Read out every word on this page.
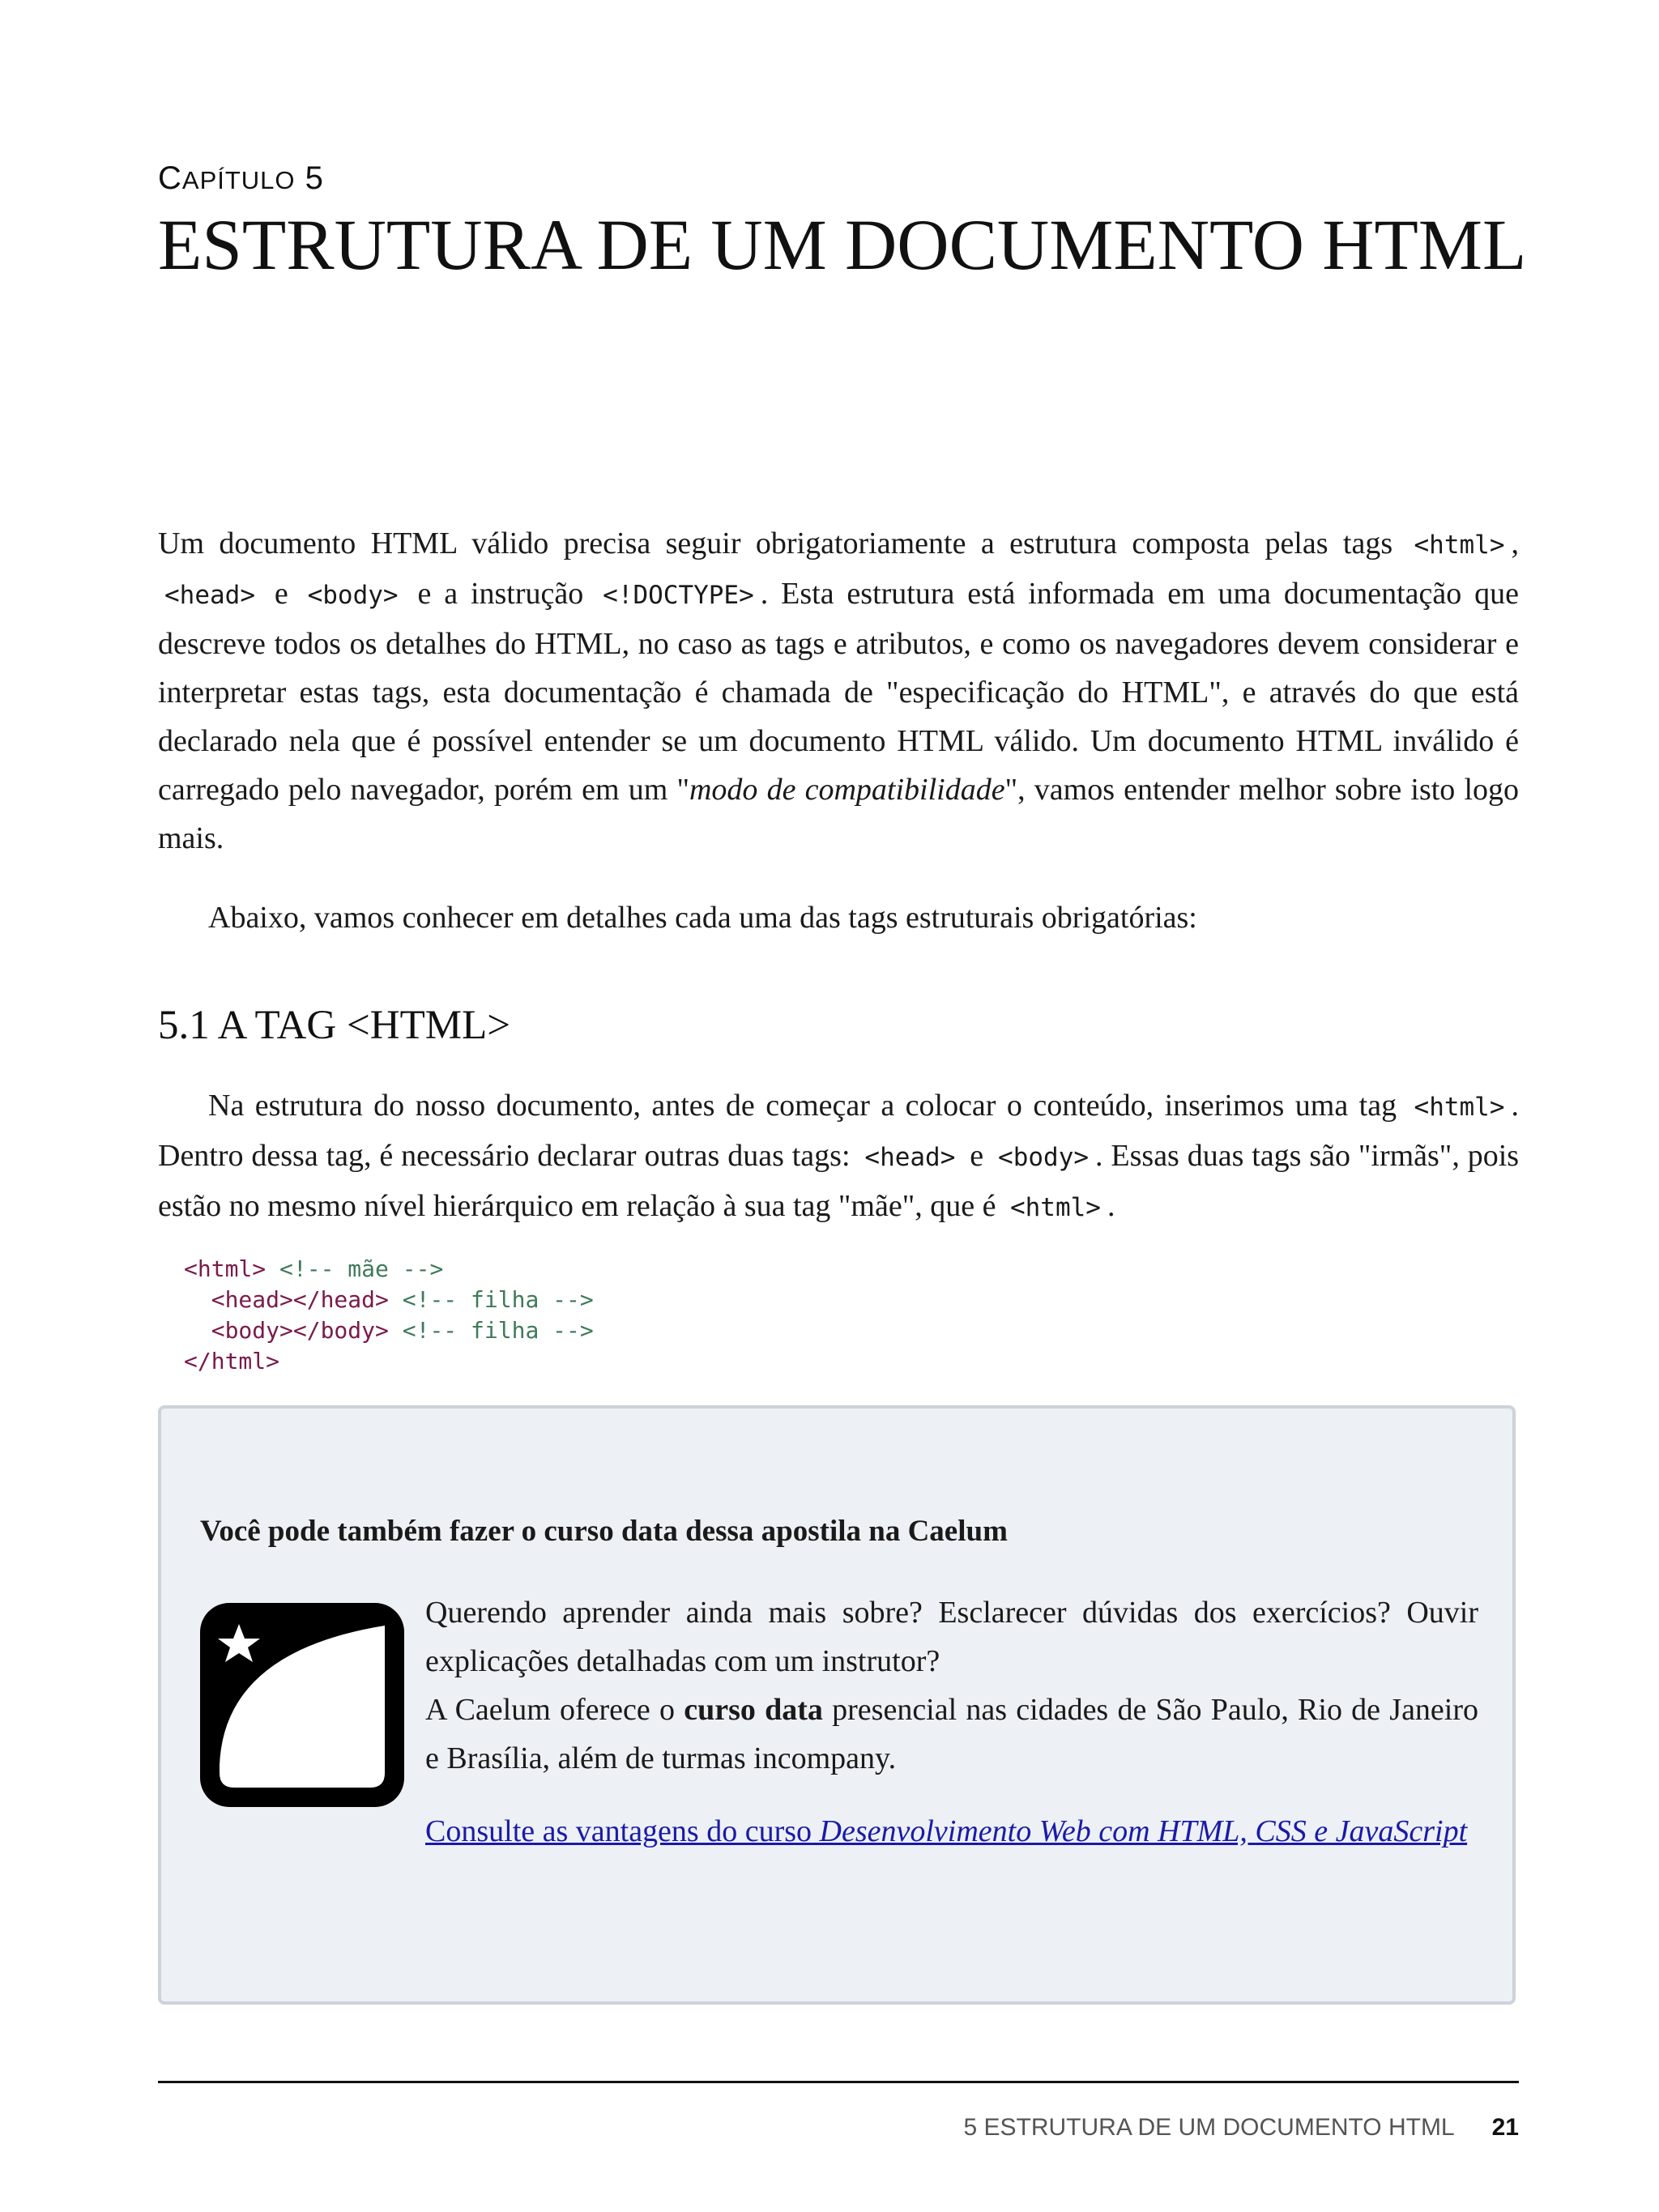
CAPÍTULO 5
ESTRUTURA DE UM DOCUMENTO HTML

Um documento HTML válido precisa seguir obrigatoriamente a estrutura composta pelas tags <html> , <head> e <body> e a instrução <!DOCTYPE> . Esta estrutura está informada em uma documentação que descreve todos os detalhes do HTML, no caso as tags e atributos, e como os navegadores devem considerar e interpretar estas tags, esta documentação é chamada de "especificação do HTML", e através do que está declarado nela que é possível entender se um documento HTML válido. Um documento HTML inválido é carregado pelo navegador, porém em um "modo de compatibilidade", vamos entender melhor sobre isto logo mais.

Abaixo, vamos conhecer em detalhes cada uma das tags estruturais obrigatórias:

5.1 A TAG <HTML>

Na estrutura do nosso documento, antes de começar a colocar o conteúdo, inserimos uma tag <html> . Dentro dessa tag, é necessário declarar outras duas tags: <head> e <body> . Essas duas tags são "irmãs", pois estão no mesmo nível hierárquico em relação à sua tag "mãe", que é <html> .

<html> <!-- mãe -->
<head></head> <!-- filha -->
<body></body> <!-- filha -->
</html>

Você pode também fazer o curso data dessa apostila na Caelum

Querendo aprender ainda mais sobre? Esclarecer dúvidas dos exercícios? Ouvir explicações detalhadas com um instrutor?
A Caelum oferece o curso data presencial nas cidades de São Paulo, Rio de Janeiro e Brasília, além de turmas incompany.

Consulte as vantagens do curso Desenvolvimento Web com HTML, CSS e JavaScript

5 ESTRUTURA DE UM DOCUMENTO HTML 21
